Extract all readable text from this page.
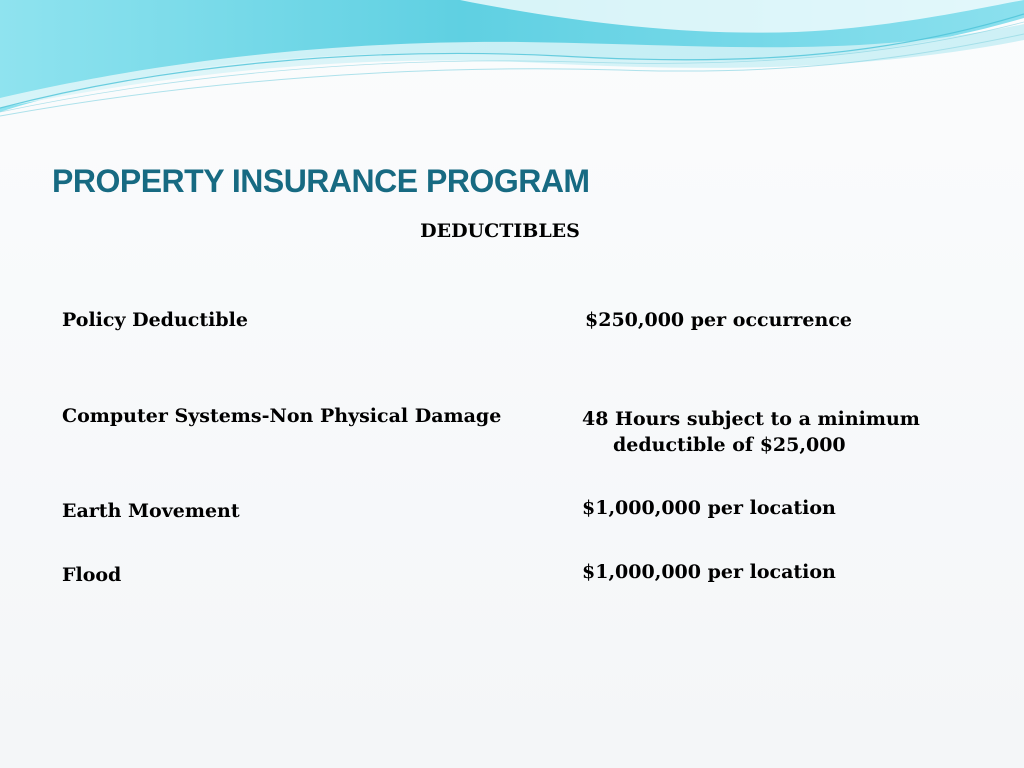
PROPERTY INSURANCE PROGRAM
DEDUCTIBLES
Policy Deductible	$250,000 per occurrence
Computer Systems-Non Physical Damage	48 Hours subject to a minimum
deductible of $25,000
Earth Movement	$1,000,000 per location
Flood	$1,000,000 per location
